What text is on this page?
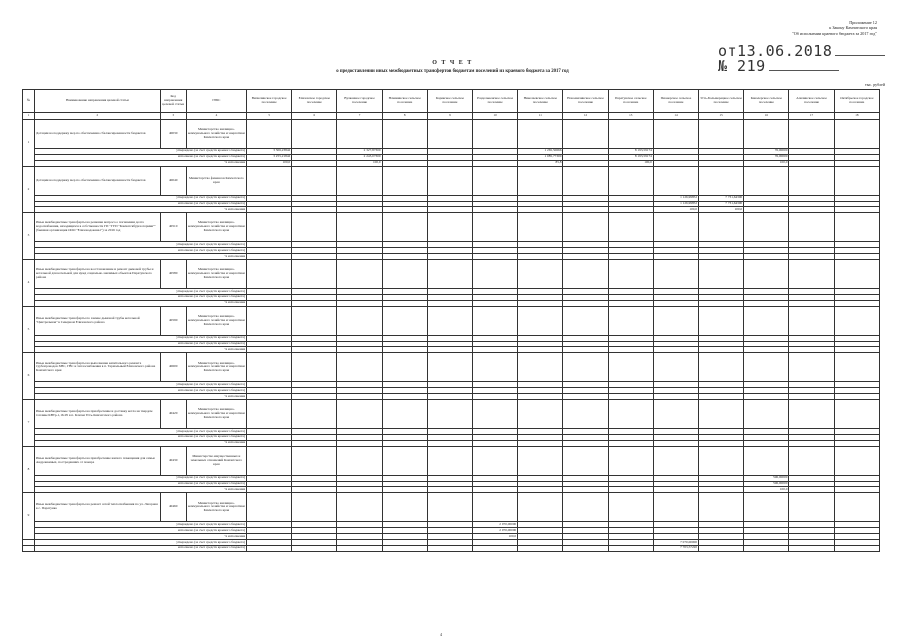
Приложение 12
к Закону Камчатского края
"Об исполнении краевого бюджета за 2017 год"
от13.06.2018
№ 219
О Т Ч Е Т
о предоставлении иных межбюджетных трансфертов бюджетам поселений из краевого бюджета за 2017 год
тыс. рублей
№	Наименование направления целевой статьи	Код направления целевой статьи	ГРБС	Вилючинское городское поселение	Елизовское городское поселение	Вулканное городское поселение	Начикинское сельское поселение	Корякское сельское поселение	Раздольненское сельское поселение	Николаевское сельское поселение	Новоавачинское сельское поселение	Паратунское сельское поселение	Пионерское сельское поселение	Усть-Большерецкое сельское поселение	Кавалерское сельское поселение	Апачинское сельское поселение	Октябрьское городское поселение
1	2	3	4	5	6	7	8	9	10	11	12	13	14	15	16	17	18
1	Дотации на поддержку мер по обеспечению сбалансированности бюджетов	40030	Министерство жилищно-коммунального хозяйства и энергетики Камчатского края														
	утверждено (за счет средств краевого бюджета)			3 306,23842		2 327,87300				1 265,50666		8 193,59174			76,00000		
	исполнено (за счет средств краевого бюджета)			3 255,21842		2 243,07300				1 085,77300		8 193,59174			76,00000		
	% исполнения			100,0		100,0				85,8		100,0			100,0		
2	Дотации на поддержку мер по обеспечению сбалансированности бюджетов	40040	Министерство финансов Камчатского края														
	утверждено (за счет средств краевого бюджета)												1 126,99852	7 731,64300			
	исполнено (за счет средств краевого бюджета)												1 126,99852	7 731,64300			
	% исполнения												100,0	100,0			
3	Иные межбюджетные трансферты на решение вопроса о погашении долга водоснабжения, находящихся в собственности ГП "ГУП "Камчатскбургеотермия"" (бывшая организация ООО "Елизоводоканал") за 2016 год	40510	Министерство жилищно-коммунального хозяйства и энергетики Камчатского края														
	утверждено (за счет средств краевого бюджета)																
	исполнено (за счет средств краевого бюджета)																
	% исполнения																
4	Иные межбюджетные трансферты на восстановление и ремонт дымовой трубы и котельной для котельной для нужд социально-значимых объектов Паратунского района	40580	Министерство жилищно-коммунального хозяйства и энергетики Камчатского края														
	утверждено (за счет средств краевого бюджета)																
	исполнено (за счет средств краевого бюджета)																
	% исполнения																
5	Иные межбюджетные трансферты по замене дымовой трубы котельной "Центральная" в Северном Елизовского района	40590	Министерство жилищно-коммунального хозяйства и энергетики Камчатского края														
	утверждено (за счет средств краевого бюджета)																
	исполнено (за счет средств краевого бюджета)																
	% исполнения																
6	Иные межбюджетные трансферты на выполнение капитального ремонта трубопроводов ХВС, ГВС и теплоснабжения в п. Термальный Елизовского района Камчатского края	40600	Министерство жилищно-коммунального хозяйства и энергетики Камчатского края														
	утверждено (за счет средств краевого бюджета)																
	исполнено (за счет средств краевого бюджета)																
	% исполнения																
7	Иные межбюджетные трансферты на приобретение и доставку котла на твердом топливе КВТр-1,16-95 в п. Ключи Усть-Камчатского района	40420	Министерство жилищно-коммунального хозяйства и энергетики Камчатского края														
	утверждено (за счет средств краевого бюджета)																
	исполнено (за счет средств краевого бюджета)																
	% исполнения																
8	Иные межбюджетные трансферты на приобретение жилого помещения для семьи Андронкиных, пострадавших от пожара	40430	Министерство имущественных и земельных отношений Камчатского края														
	утверждено (за счет средств краевого бюджета)														596,00000		
	исполнено (за счет средств краевого бюджета)														596,00000		
	% исполнения														100,0		
9	Иные межбюджетные трансферты на ремонт сетей теплоснабжения по ул. Лагерная в с. Паратунка	40460	Министерство жилищно-коммунального хозяйства и энергетики Камчатского края														
	утверждено (за счет средств краевого бюджета)								2 070,00000								
	исполнено (за счет средств краевого бюджета)								2 070,00000								
	% исполнения								100,0								
	утверждено (за счет средств краевого бюджета)												7 070,00000				
	исполнено (за счет средств краевого бюджета)												7 703,57220				
4
